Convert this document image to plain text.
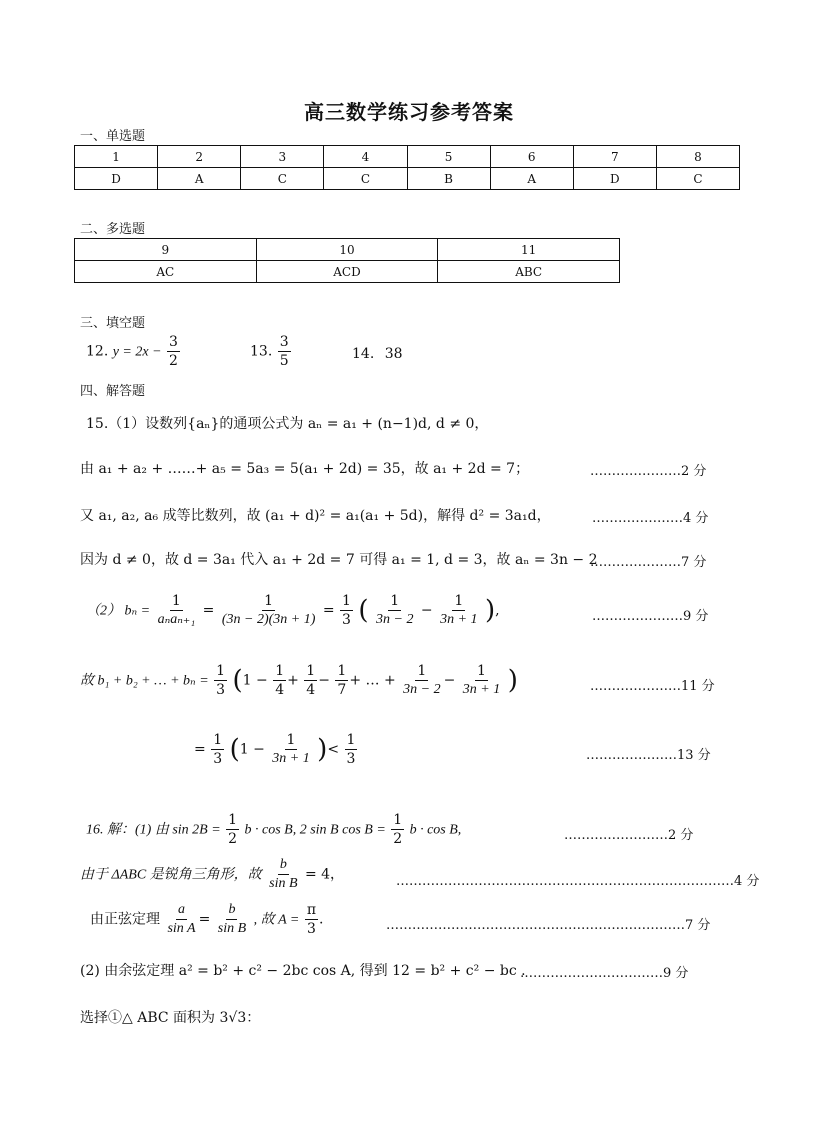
高三数学练习参考答案
一、单选题
1	2	3	4	5	6	7	8
D	A	C	C	B	A	D	C
二、多选题
9	10	11
AC	ACD	ABC
三、填空题
12. $y = 2x - \frac{3}{2}$	13. $\frac{3}{5}$	14. 38
四、解答题
15.（1）设数列{aₙ}的通项公式为 aₙ = a₁ + (n−1)d, d ≠ 0，
由 a₁ + a₂ + ……+ a₅ = 5a₃ = 5(a₁ + 2d) = 35，故 a₁ + 2d = 7；	…………………2 分
又 a₁, a₂, a₆ 成等比数列，故 (a₁ + d)² = a₁(a₁ + 5d)，解得 d² = 3a₁d，	…………………4 分
因为 d ≠ 0，故 d = 3a₁ 代入 a₁ + 2d = 7 可得 a₁ = 1, d = 3，故 aₙ = 3n − 2
…………………7 分
（2） $b_n = \frac{1}{\text{aₙaₙ₊₁}} = \frac{1}{(3n - 2)(3n + 1)} = \frac{1}{3}$ ( $\frac{1}{3n - 2} - \frac{1}{3n + 1}$ ),	…………………9 分
故 b₁ + b₂ + … + $b_n = \frac{1}{3} (1 - \frac{1}{4} + \frac{1}{4} - \frac{1}{7}$ + … + $\frac{1}{3n - 2} - \frac{1}{3n + 1}$ )	…………………11 分
= $\frac{1}{3} (1 - \frac{1}{3n + 1}$ )< $\frac{1}{3}$	…………………13 分
16. 解：(1) 由 $\sin 2B = \frac{1}{2}$ b · cos B, 2 sin B $\cos B = \frac{1}{2}$ b · cos B,	……………………2 分
由于 ΔABC 是锐角三角形，故 $\frac{b}{\text{sin B}} = 4$，	……………………………………………………………………4 分
由正弦定理 $\frac{a}{\text{sin A}} = \frac{b}{\text{sin B}}$ , 故 $A = \frac{\pi}{3}$ .	……………………………………………………………7 分
(2) 由余弦定理 a² = b² + c² − 2bc cos A, 得到 12 = b² + c² − bc .
……………………………9 分
选择①△ ABC 面积为 3√3：
